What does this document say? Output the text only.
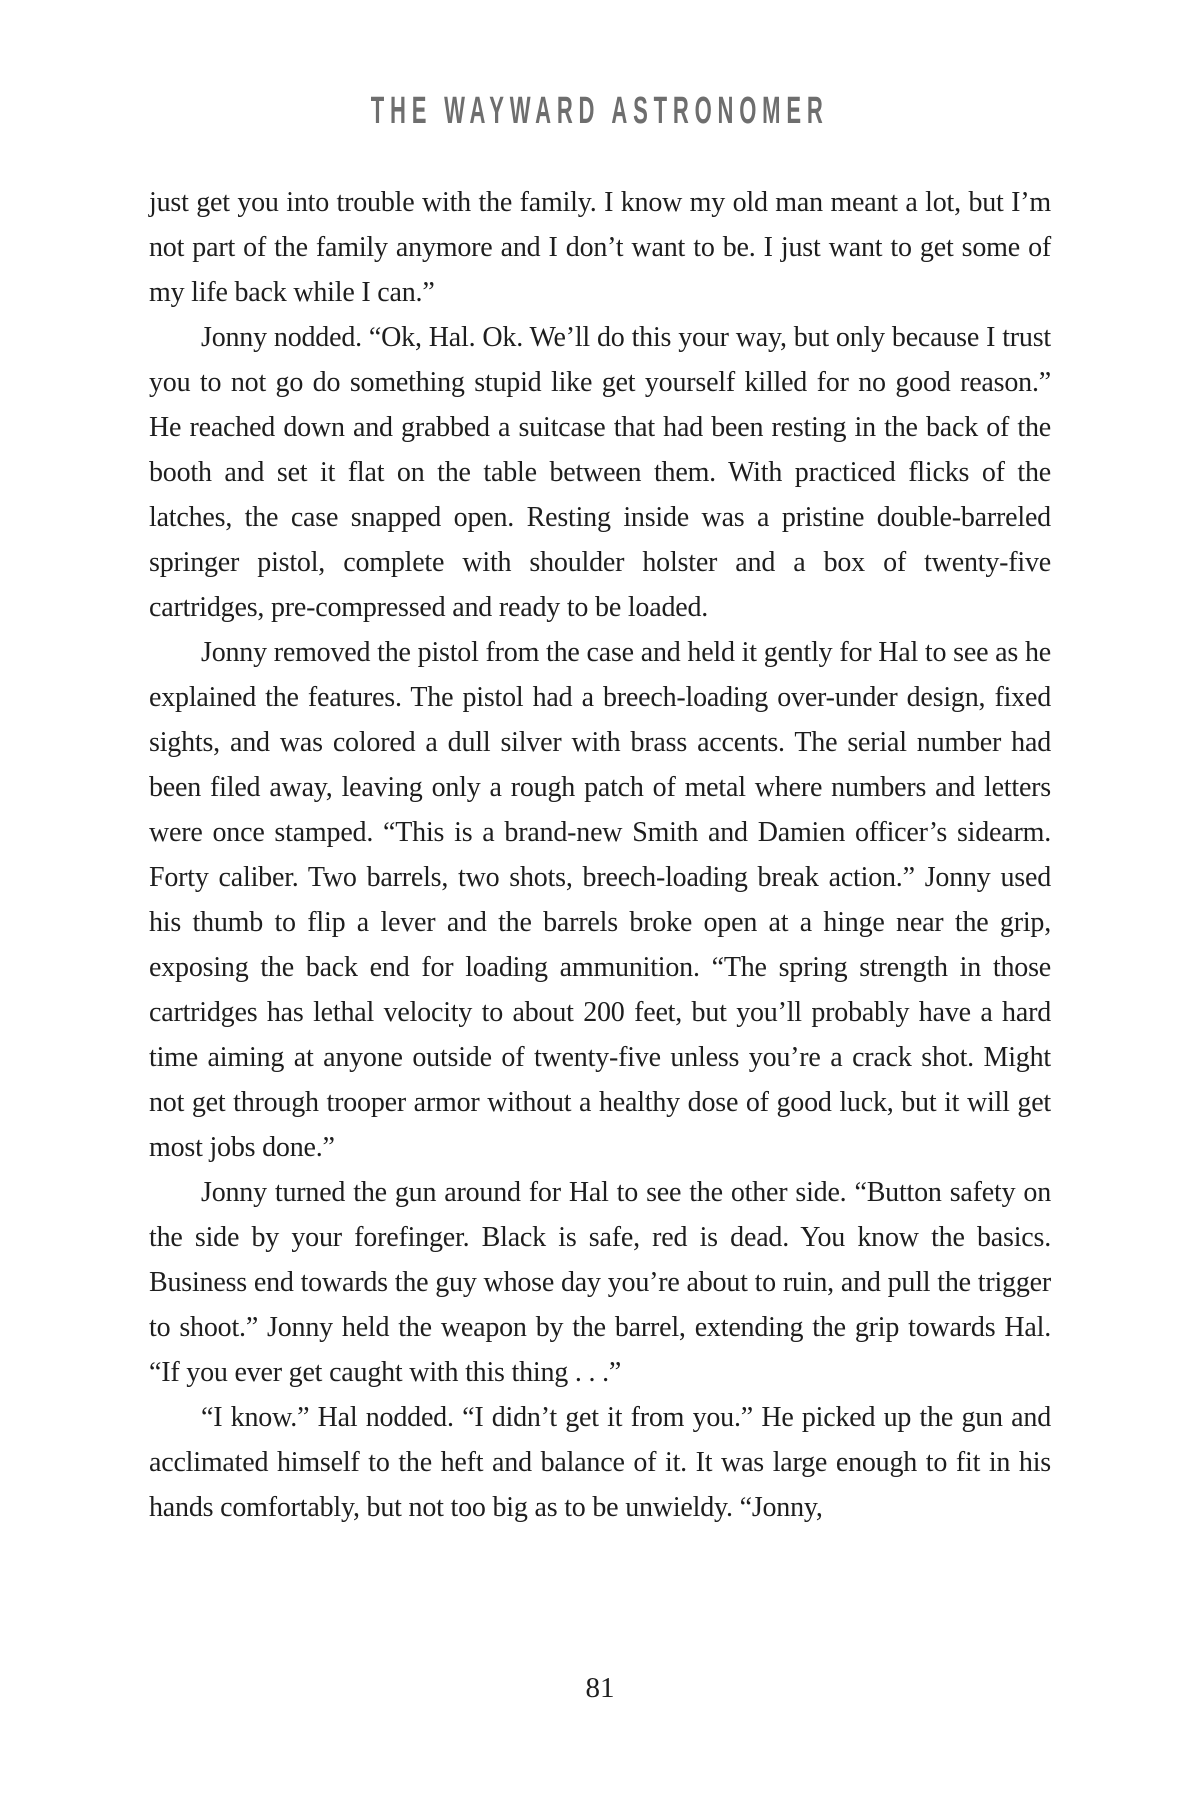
THE WAYWARD ASTRONOMER

just get you into trouble with the family. I know my old man meant a lot, but I’m not part of the family anymore and I don’t want to be. I just want to get some of my life back while I can.”

Jonny nodded. “Ok, Hal. Ok. We’ll do this your way, but only because I trust you to not go do something stupid like get yourself killed for no good reason.” He reached down and grabbed a suitcase that had been resting in the back of the booth and set it flat on the table between them. With practiced flicks of the latches, the case snapped open. Resting inside was a pristine double-barreled springer pistol, complete with shoulder holster and a box of twenty-five cartridges, pre-compressed and ready to be loaded.

Jonny removed the pistol from the case and held it gently for Hal to see as he explained the features. The pistol had a breech-loading over-under design, fixed sights, and was colored a dull silver with brass accents. The serial number had been filed away, leaving only a rough patch of metal where numbers and letters were once stamped. “This is a brand-new Smith and Damien officer’s sidearm. Forty caliber. Two barrels, two shots, breech-loading break action.” Jonny used his thumb to flip a lever and the barrels broke open at a hinge near the grip, exposing the back end for loading ammunition. “The spring strength in those cartridges has lethal velocity to about 200 feet, but you’ll probably have a hard time aiming at anyone outside of twenty-five unless you’re a crack shot. Might not get through trooper armor without a healthy dose of good luck, but it will get most jobs done.”

Jonny turned the gun around for Hal to see the other side. “Button safety on the side by your forefinger. Black is safe, red is dead. You know the basics. Business end towards the guy whose day you’re about to ruin, and pull the trigger to shoot.” Jonny held the weapon by the barrel, extending the grip towards Hal. “If you ever get caught with this thing . . .”

“I know.” Hal nodded. “I didn’t get it from you.” He picked up the gun and acclimated himself to the heft and balance of it. It was large enough to fit in his hands comfortably, but not too big as to be unwieldy. “Jonny,

81
